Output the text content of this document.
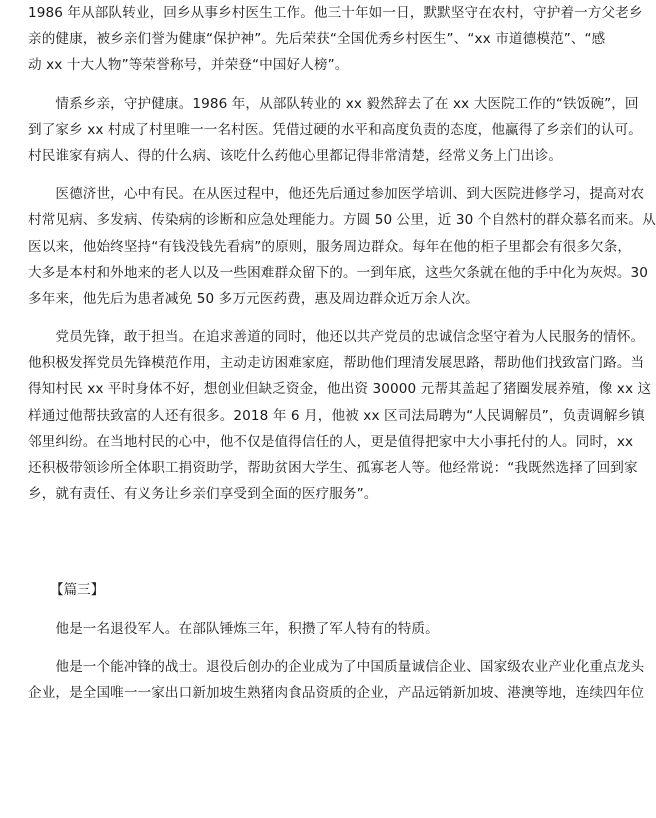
1986 年从部队转业，回乡从事乡村医生工作。他三十年如一日，默默坚守在农村，守护着一方父老乡
亲的健康，被乡亲们誉为健康“保护神”。先后荣获“全国优秀乡村医生”、“xx 市道德模范”、“感
动 xx 十大人物”等荣誉称号，并荣登“中国好人榜”。
　　情系乡亲，守护健康。1986 年，从部队转业的 xx 毅然辞去了在 xx 大医院工作的“铁饭碗”，回
到了家乡 xx 村成了村里唯一一名村医。凭借过硬的水平和高度负责的态度，他赢得了乡亲们的认可。
村民谁家有病人、得的什么病、该吃什么药他心里都记得非常清楚，经常义务上门出诊。
　　医德济世，心中有民。在从医过程中，他还先后通过参加医学培训、到大医院进修学习，提高对农
村常见病、多发病、传染病的诊断和应急处理能力。方圆 50 公里，近 30 个自然村的群众慕名而来。从
医以来，他始终坚持“有钱没钱先看病”的原则，服务周边群众。每年在他的柜子里都会有很多欠条，
大多是本村和外地来的老人以及一些困难群众留下的。一到年底，这些欠条就在他的手中化为灰烬。30
多年来，他先后为患者减免 50 多万元医药费，惠及周边群众近万余人次。
　　党员先锋，敢于担当。在追求善道的同时，他还以共产党员的忠诚信念坚守着为人民服务的情怀。
他积极发挥党员先锋模范作用，主动走访困难家庭，帮助他们理清发展思路，帮助他们找致富门路。当
得知村民 xx 平时身体不好，想创业但缺乏资金，他出资 30000 元帮其盖起了猪圈发展养殖，像 xx 这
样通过他帮扶致富的人还有很多。2018 年 6 月，他被 xx 区司法局聘为“人民调解员”，负责调解乡镇
邻里纠纷。在当地村民的心中，他不仅是值得信任的人，更是值得把家中大小事托付的人。同时，xx
还积极带领诊所全体职工捐资助学，帮助贫困大学生、孤寡老人等。他经常说：“我既然选择了回到家
乡，就有责任、有义务让乡亲们享受到全面的医疗服务”。

【篇三】

　　他是一名退役军人。在部队锤炼三年，积攒了军人特有的特质。
　　他是一个能冲锋的战士。退役后创办的企业成为了中国质量诚信企业、国家级农业产业化重点龙头
企业，是全国唯一一家出口新加坡生熟猪肉食品资质的企业，产品远销新加坡、港澳等地，连续四年位
